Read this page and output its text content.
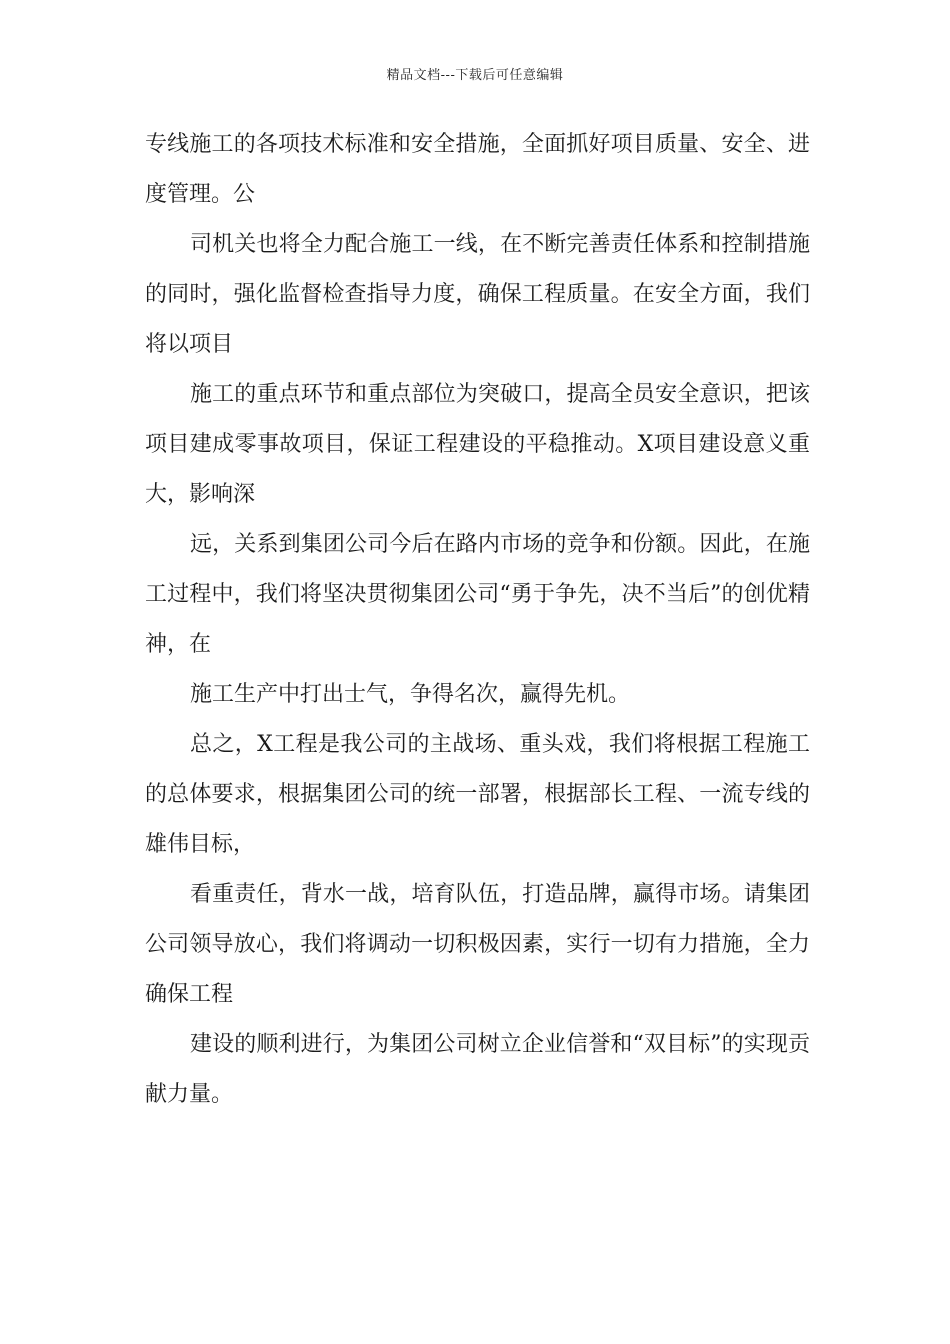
精品文档---下载后可任意编辑

专线施工的各项技术标准和安全措施，全面抓好项目质量、安全、进度管理。公

司机关也将全力配合施工一线，在不断完善责任体系和控制措施的同时，强化监督检查指导力度，确保工程质量。在安全方面，我们将以项目

施工的重点环节和重点部位为突破口，提高全员安全意识，把该项目建成零事故项目，保证工程建设的平稳推动。X项目建设意义重大，影响深

远，关系到集团公司今后在路内市场的竞争和份额。因此，在施工过程中，我们将坚决贯彻集团公司“勇于争先，决不当后”的创优精神，在

施工生产中打出士气，争得名次，赢得先机。

总之，X工程是我公司的主战场、重头戏，我们将根据工程施工的总体要求，根据集团公司的统一部署，根据部长工程、一流专线的雄伟目标，

看重责任，背水一战，培育队伍，打造品牌，赢得市场。请集团公司领导放心，我们将调动一切积极因素，实行一切有力措施，全力确保工程

建设的顺利进行，为集团公司树立企业信誉和“双目标”的实现贡献力量。
